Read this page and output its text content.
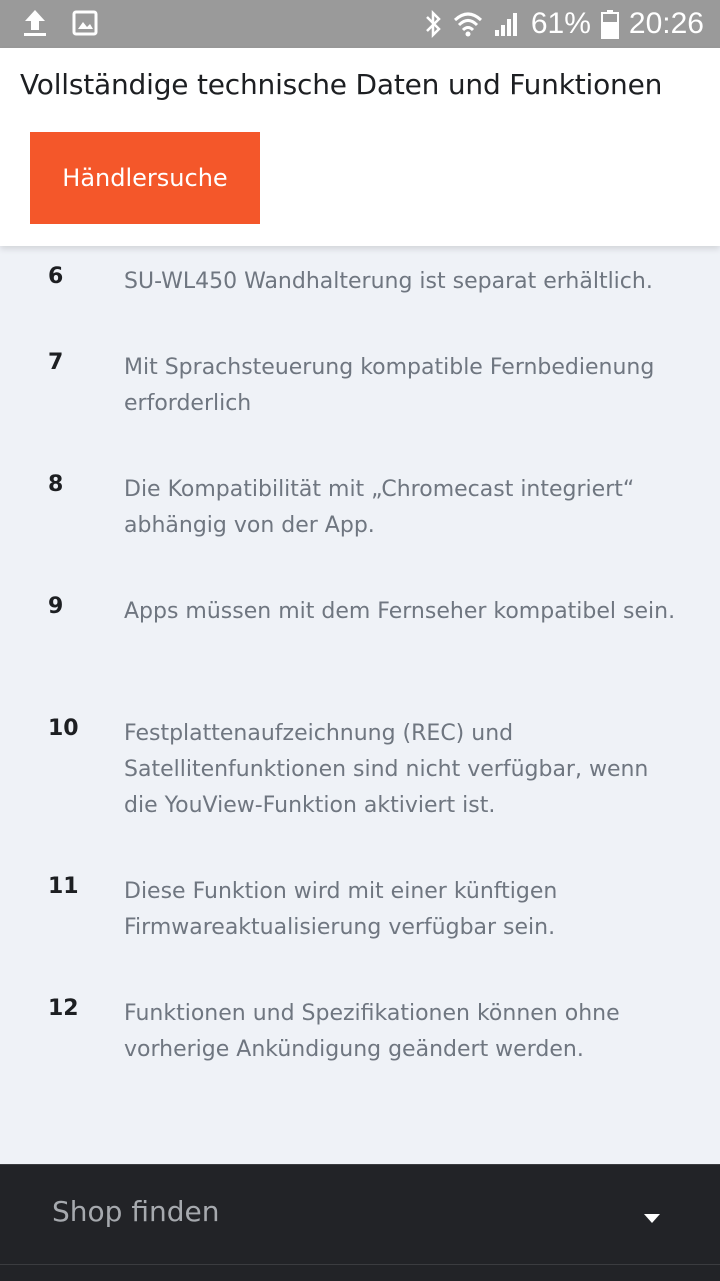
61% 20:26
Vollständige technische Daten und Funktionen
Händlersuche
6	SU-WL450 Wandhalterung ist separat erhältlich.
7	Mit Sprachsteuerung kompatible Fernbedienung erforderlich
8	Die Kompatibilität mit „Chromecast integriert“ abhängig von der App.
9	Apps müssen mit dem Fernseher kompatibel sein.
10 Festplattenaufzeichnung (REC) und Satellitenfunktionen sind nicht verfügbar, wenn die YouView-Funktion aktiviert ist.
11 Diese Funktion wird mit einer künftigen Firmwareaktualisierung verfügbar sein.
12 Funktionen und Spezifikationen können ohne vorherige Ankündigung geändert werden.
Shop finden
